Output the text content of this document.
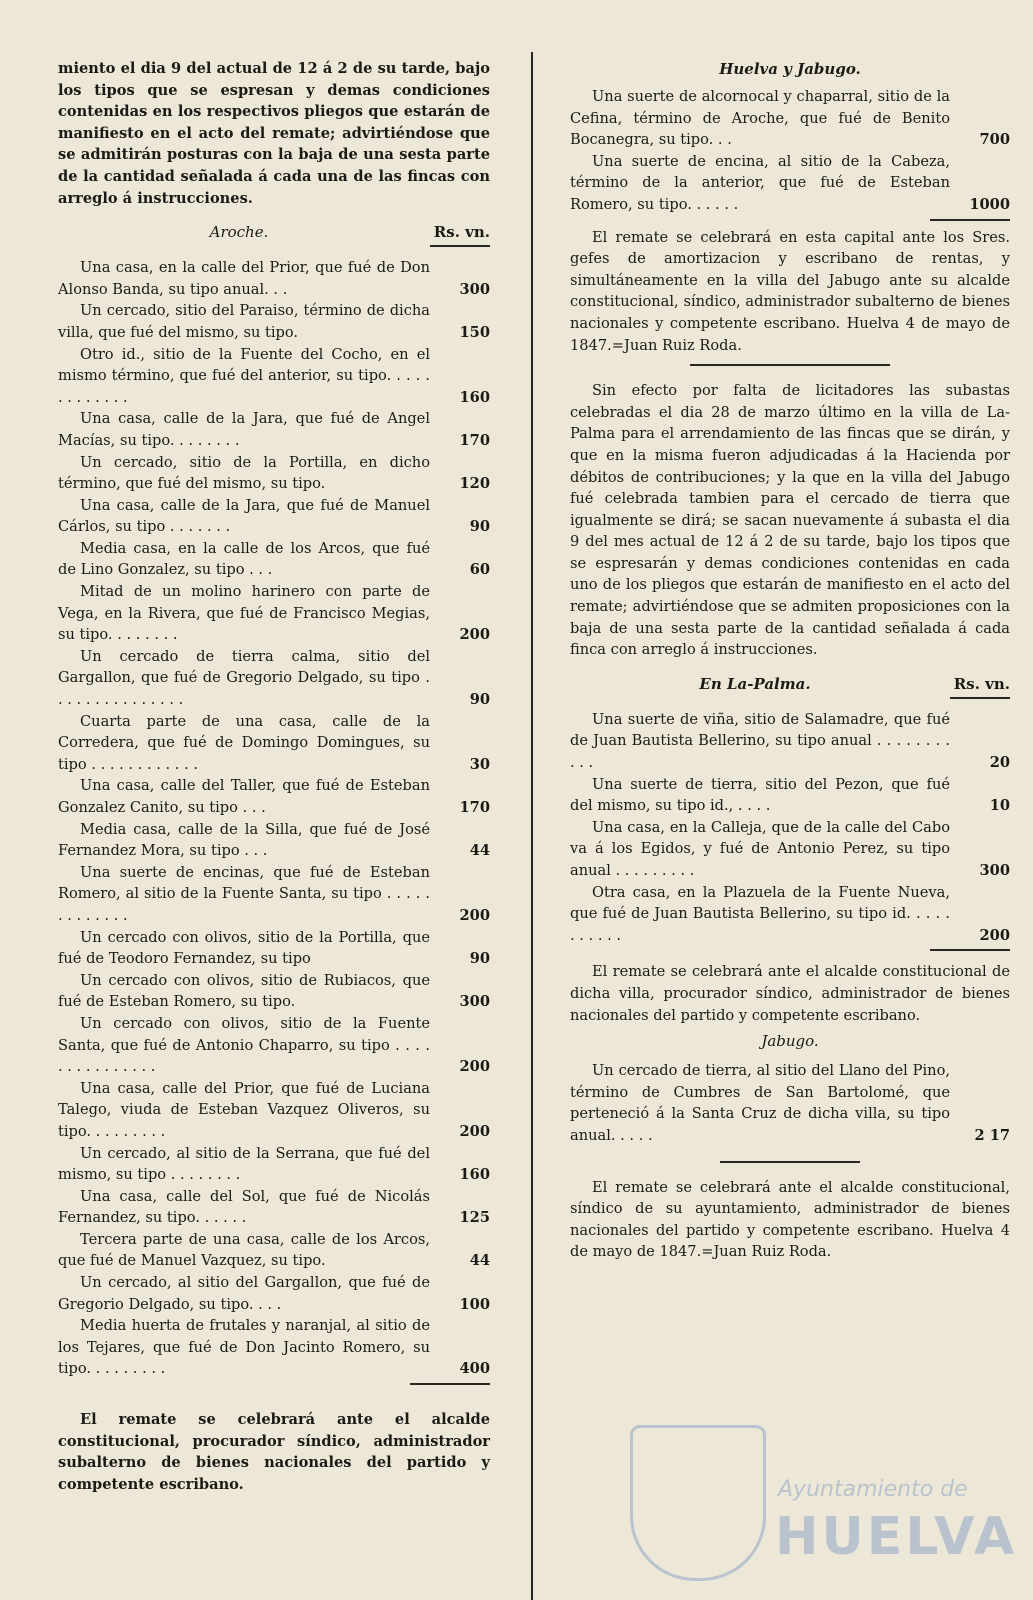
miento el dia 9 del actual de 12 á 2 de su tarde, bajo los tipos que se espresan y demas condiciones contenidas en los respectivos pliegos que estarán de manifiesto en el acto del remate; advirtiéndose que se admitirán posturas con la baja de una sesta parte de la cantidad señalada á cada una de las fincas con arreglo á instrucciones.

Aroche.	Rs. vn.
Una casa, en la calle del Prior, que fué de Don Alonso Banda, su tipo anual. . .	300
Un cercado, sitio del Paraiso, término de dicha villa, que fué del mismo, su tipo.	150
Otro id., sitio de la Fuente del Cocho, en el mismo término, que fué del anterior, su tipo. . . . . . . . . . . . .	160
Una casa, calle de la Jara, que fué de Angel Macías, su tipo. . . . . . . .	170
Un cercado, sitio de la Portilla, en dicho término, que fué del mismo, su tipo.	120
Una casa, calle de la Jara, que fué de Manuel Cárlos, su tipo . . . . . . .	90
Media casa, en la calle de los Arcos, que fué de Lino Gonzalez, su tipo . . .	60
Mitad de un molino harinero con parte de Vega, en la Rivera, que fué de Francisco Megias, su tipo. . . . . . . .	200
Un cercado de tierra calma, sitio del Gargallon, que fué de Gregorio Delgado, su tipo . . . . . . . . . . . . . . .	90
Cuarta parte de una casa, calle de la Corredera, que fué de Domingo Domingues, su tipo . . . . . . . . . . . .	30
Una casa, calle del Taller, que fué de Esteban Gonzalez Canito, su tipo . . .	170
Media casa, calle de la Silla, que fué de José Fernandez Mora, su tipo . . .	44
Una suerte de encinas, que fué de Esteban Romero, al sitio de la Fuente Santa, su tipo . . . . . . . . . . . . .	200
Un cercado con olivos, sitio de la Portilla, que fué de Teodoro Fernandez, su tipo	90
Un cercado con olivos, sitio de Rubiacos, que fué de Esteban Romero, su tipo.	300
Un cercado con olivos, sitio de la Fuente Santa, que fué de Antonio Chaparro, su tipo . . . . . . . . . . . . . . .	200
Una casa, calle del Prior, que fué de Luciana Talego, viuda de Esteban Vazquez Oliveros, su tipo. . . . . . . . .	200
Un cercado, al sitio de la Serrana, que fué del mismo, su tipo . . . . . . . .	160
Una casa, calle del Sol, que fué de Nicolás Fernandez, su tipo. . . . . .	125
Tercera parte de una casa, calle de los Arcos, que fué de Manuel Vazquez, su tipo.	44
Un cercado, al sitio del Gargallon, que fué de Gregorio Delgado, su tipo. . . .	100
Media huerta de frutales y naranjal, al sitio de los Tejares, que fué de Don Jacinto Romero, su tipo. . . . . . . . .	400

El remate se celebrará ante el alcalde constitucional, procurador síndico, administrador subalterno de bienes nacionales del partido y competente escribano.

Huelva y Jabugo.

Una suerte de alcornocal y chaparral, sitio de la Cefina, término de Aroche, que fué de Benito Bocanegra, su tipo. . .	700
Una suerte de encina, al sitio de la Cabeza, término de la anterior, que fué de Esteban Romero, su tipo. . . . . .	1000

El remate se celebrará en esta capital ante los Sres. gefes de amortizacion y escribano de rentas, y simultáneamente en la villa del Jabugo ante su alcalde constitucional, síndico, administrador subalterno de bienes nacionales y competente escribano. Huelva 4 de mayo de 1847.=Juan Ruiz Roda.

Sin efecto por falta de licitadores las subastas celebradas el dia 28 de marzo último en la villa de La-Palma para el arrendamiento de las fincas que se dirán, y que en la misma fueron adjudicadas á la Hacienda por débitos de contribuciones; y la que en la villa del Jabugo fué celebrada tambien para el cercado de tierra que igualmente se dirá; se sacan nuevamente á subasta el dia 9 del mes actual de 12 á 2 de su tarde, bajo los tipos que se espresarán y demas condiciones contenidas en cada uno de los pliegos que estarán de manifiesto en el acto del remate; advirtiéndose que se admiten proposiciones con la baja de una sesta parte de la cantidad señalada á cada finca con arreglo á instrucciones.

En La-Palma.	Rs. vn.
Una suerte de viña, sitio de Salamadre, que fué de Juan Bautista Bellerino, su tipo anual . . . . . . . . . . .	20
Una suerte de tierra, sitio del Pezon, que fué del mismo, su tipo id., . . . .	10
Una casa, en la Calleja, que de la calle del Cabo va á los Egidos, y fué de Antonio Perez, su tipo anual . . . . . . . . .	300
Otra casa, en la Plazuela de la Fuente Nueva, que fué de Juan Bautista Bellerino, su tipo id. . . . . . . . . . .	200

El remate se celebrará ante el alcalde constitucional de dicha villa, procurador síndico, administrador de bienes nacionales del partido y competente escribano.

Jabugo.

Un cercado de tierra, al sitio del Llano del Pino, término de Cumbres de San Bartolomé, que perteneció á la Santa Cruz de dicha villa, su tipo anual. . . . .	2 17

El remate se celebrará ante el alcalde constitucional, síndico de su ayuntamiento, administrador de bienes nacionales del partido y competente escribano. Huelva 4 de mayo de 1847.=Juan Ruiz Roda.

Ayuntamiento de
HUELVA
